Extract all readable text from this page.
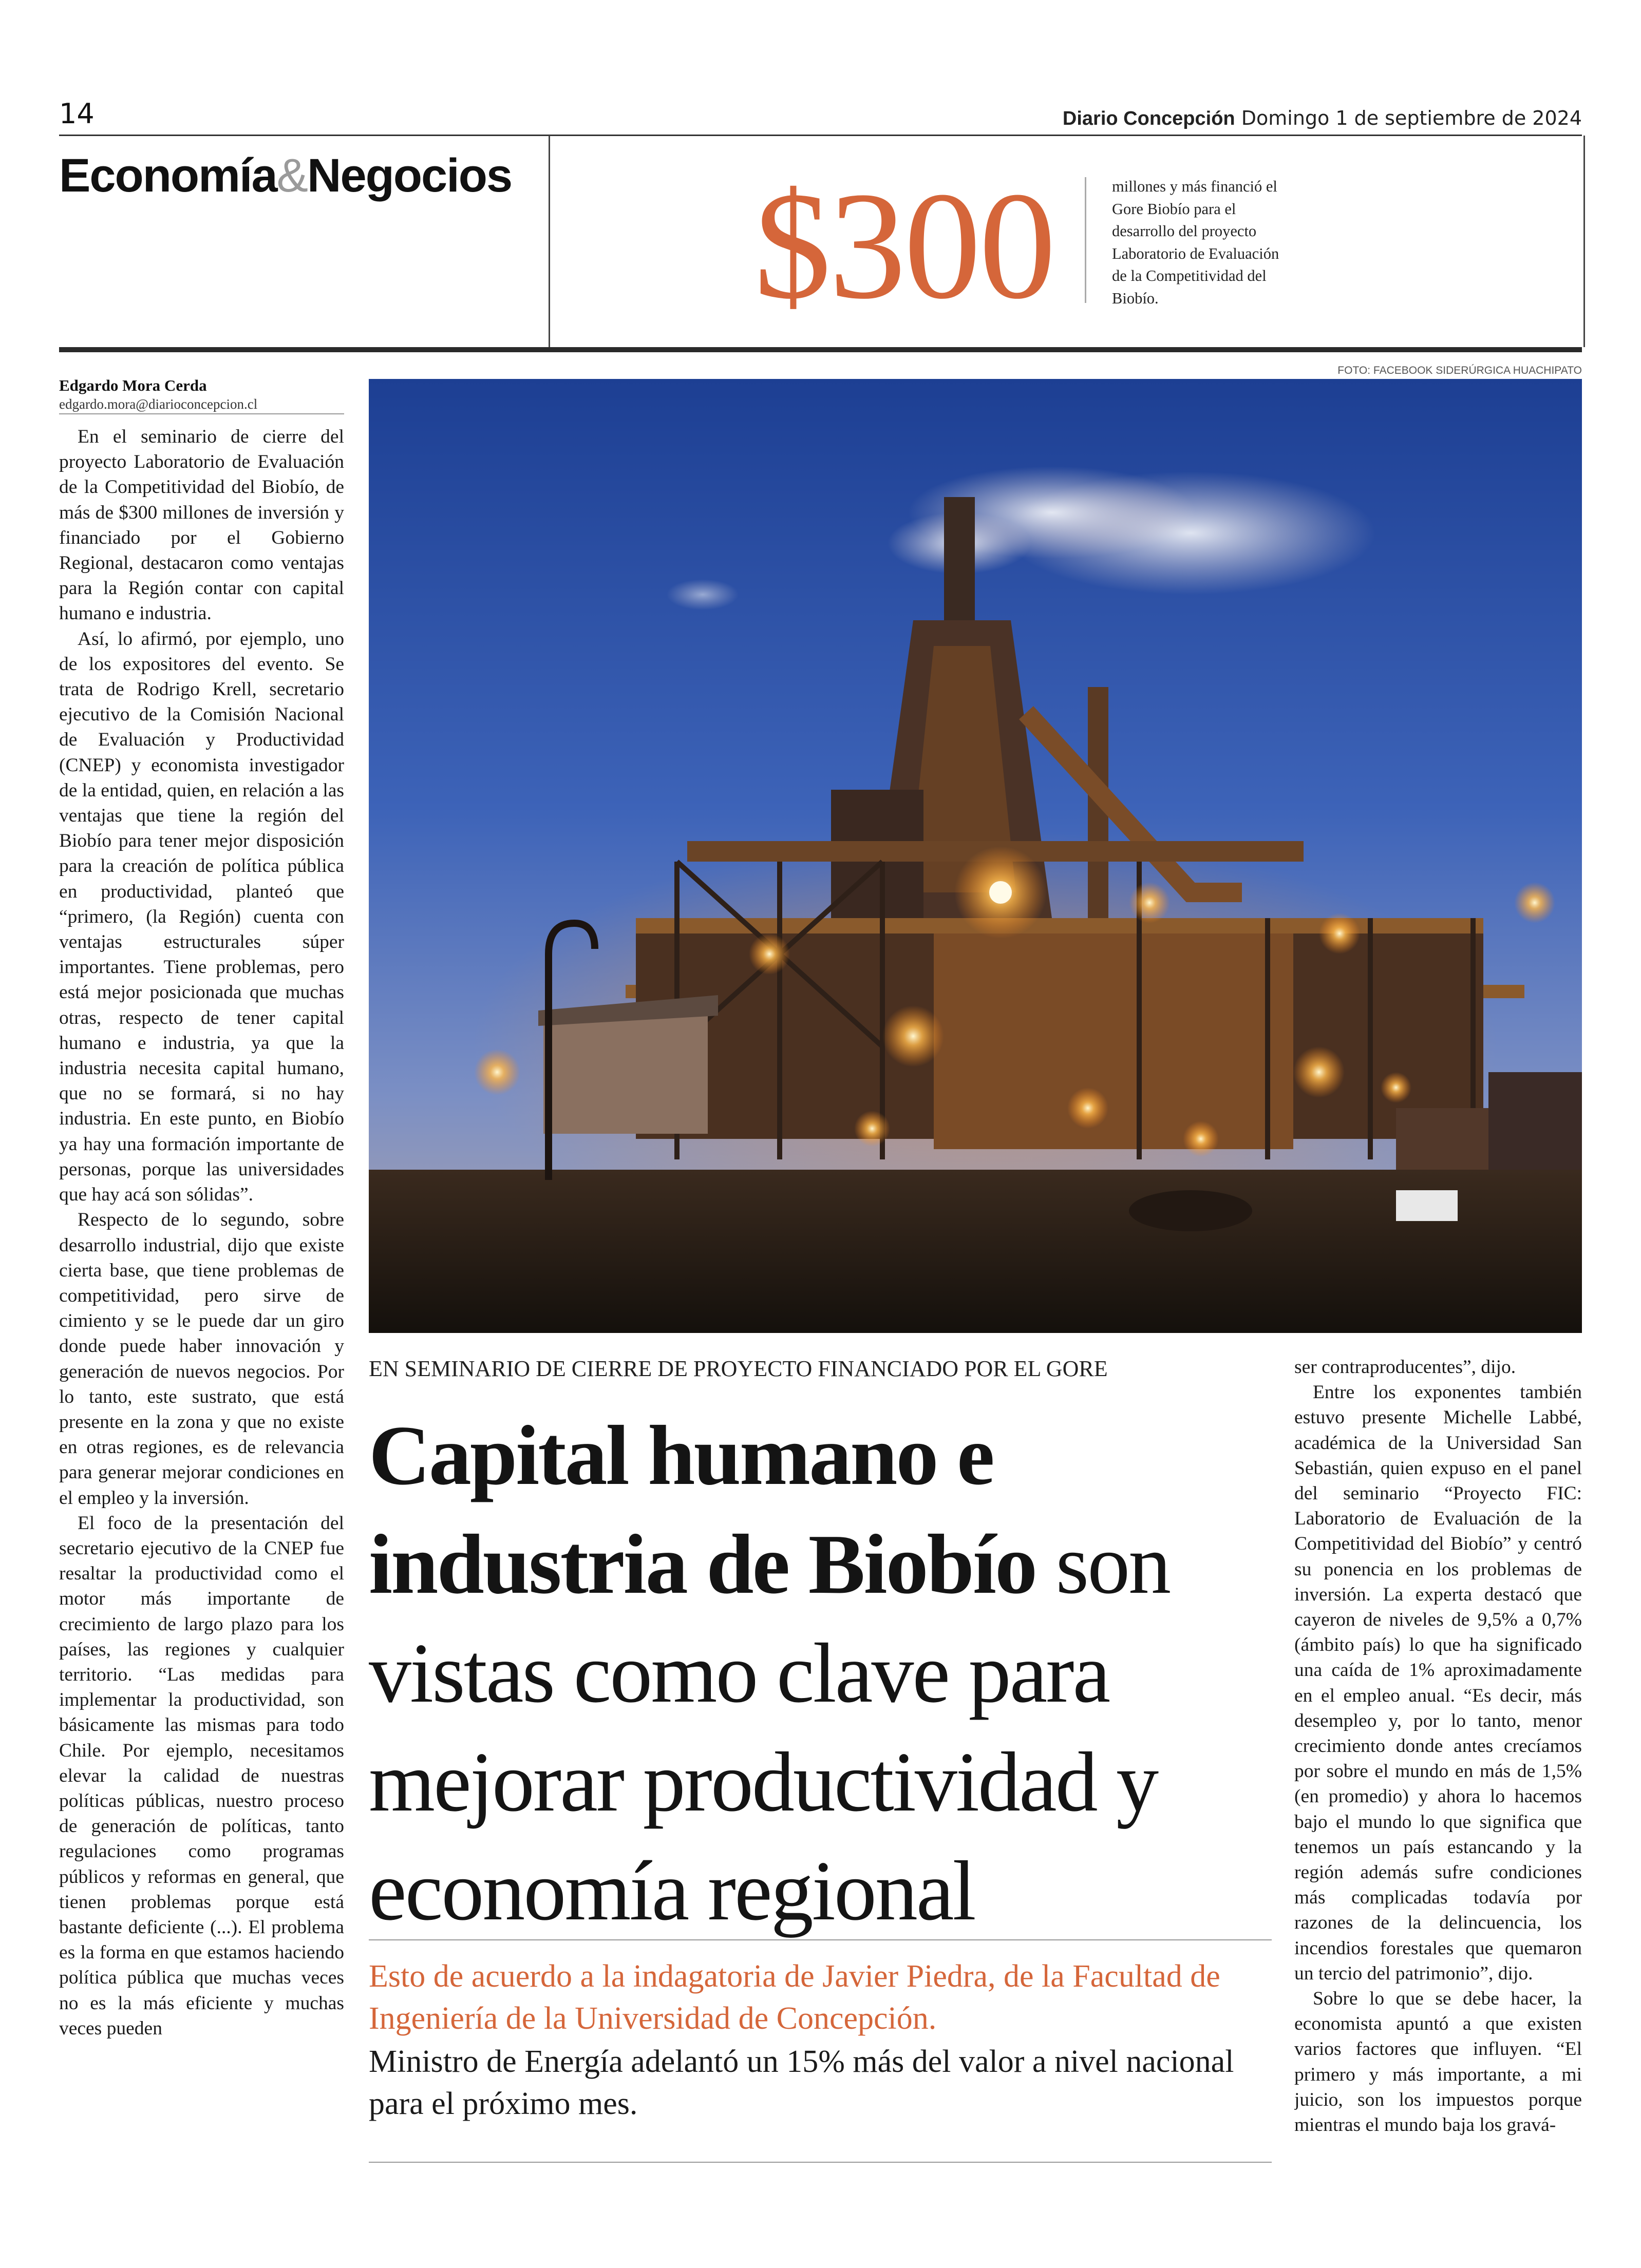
14	Diario Concepción Domingo 1 de septiembre de 2024
Economía&Negocios $300	millones y más financió el Gore Biobío para el desarrollo del proyecto Laboratorio de Evaluación de la Competitividad del Biobío.
Edgardo Mora Cerda
edgardo.mora@diarioconcepcion.cl
FOTO: FACEBOOK SIDERÚRGICA HUACHIPATO

En el seminario de cierre del proyecto Laboratorio de Evaluación de la Competitividad del Biobío, de más de $300 millones de inversión y financiado por el Gobierno Regional, destacaron como ventajas para la Región contar con capital humano e industria.

Así, lo afirmó, por ejemplo, uno de los expositores del evento. Se trata de Rodrigo Krell, secretario ejecutivo de la Comisión Nacional de Evaluación y Productividad (CNEP) y economista investigador de la entidad, quien, en relación a las ventajas que tiene la región del Biobío para tener mejor disposición para la creación de política pública en productividad, planteó que “primero, (la Región) cuenta con ventajas estructurales súper importantes. Tiene problemas, pero está mejor posicionada que muchas otras, respecto de tener capital humano e industria, ya que la industria necesita capital humano, que no se formará, si no hay industria. En este punto, en Biobío ya hay una formación importante de personas, porque las universidades que hay acá son sólidas”.

Respecto de lo segundo, sobre desarrollo industrial, dijo que existe cierta base, que tiene problemas de competitividad, pero sirve de cimiento y se le puede dar un giro donde puede haber innovación y generación de nuevos negocios. Por lo tanto, este sustrato, que está presente en la zona y que no existe en otras regiones, es de relevancia para generar mejorar condiciones en el empleo y la inversión.

El foco de la presentación del secretario ejecutivo de la CNEP fue resaltar la productividad como el motor más importante de crecimiento de largo plazo para los países, las regiones y cualquier territorio. “Las medidas para implementar la productividad, son básicamente las mismas para todo Chile. Por ejemplo, necesitamos elevar la calidad de nuestras políticas públicas, nuestro proceso de generación de políticas, tanto regulaciones como programas públicos y reformas en general, que tienen problemas porque está bastante deficiente (...). El problema es la forma en que estamos haciendo política pública que muchas veces no es la más eficiente y muchas veces pueden

EN SEMINARIO DE CIERRE DE PROYECTO FINANCIADO POR EL GORE
Capital humano e industria de Biobío son vistas como clave para mejorar productividad y economía regional
Esto de acuerdo a la indagatoria de Javier Piedra, de la Facultad de Ingeniería de la Universidad de Concepción.
Ministro de Energía adelantó un 15% más del valor a nivel nacional para el próximo mes.

ser contraproducentes”, dijo.

Entre los exponentes también estuvo presente Michelle Labbé, académica de la Universidad San Sebastián, quien expuso en el panel del seminario “Proyecto FIC: Laboratorio de Evaluación de la Competitividad del Biobío” y centró su ponencia en los problemas de inversión. La experta destacó que cayeron de niveles de 9,5% a 0,7% (ámbito país) lo que ha significado una caída de 1% aproximadamente en el empleo anual. “Es decir, más desempleo y, por lo tanto, menor crecimiento donde antes crecíamos por sobre el mundo en más de 1,5% (en promedio) y ahora lo hacemos bajo el mundo lo que significa que tenemos un país estancando y la región además sufre condiciones más complicadas todavía por razones de la delincuencia, los incendios forestales que quemaron un tercio del patrimonio”, dijo.

Sobre lo que se debe hacer, la economista apuntó a que existen varios factores que influyen. “El primero y más importante, a mi juicio, son los impuestos porque mientras el mundo baja los gravá-
